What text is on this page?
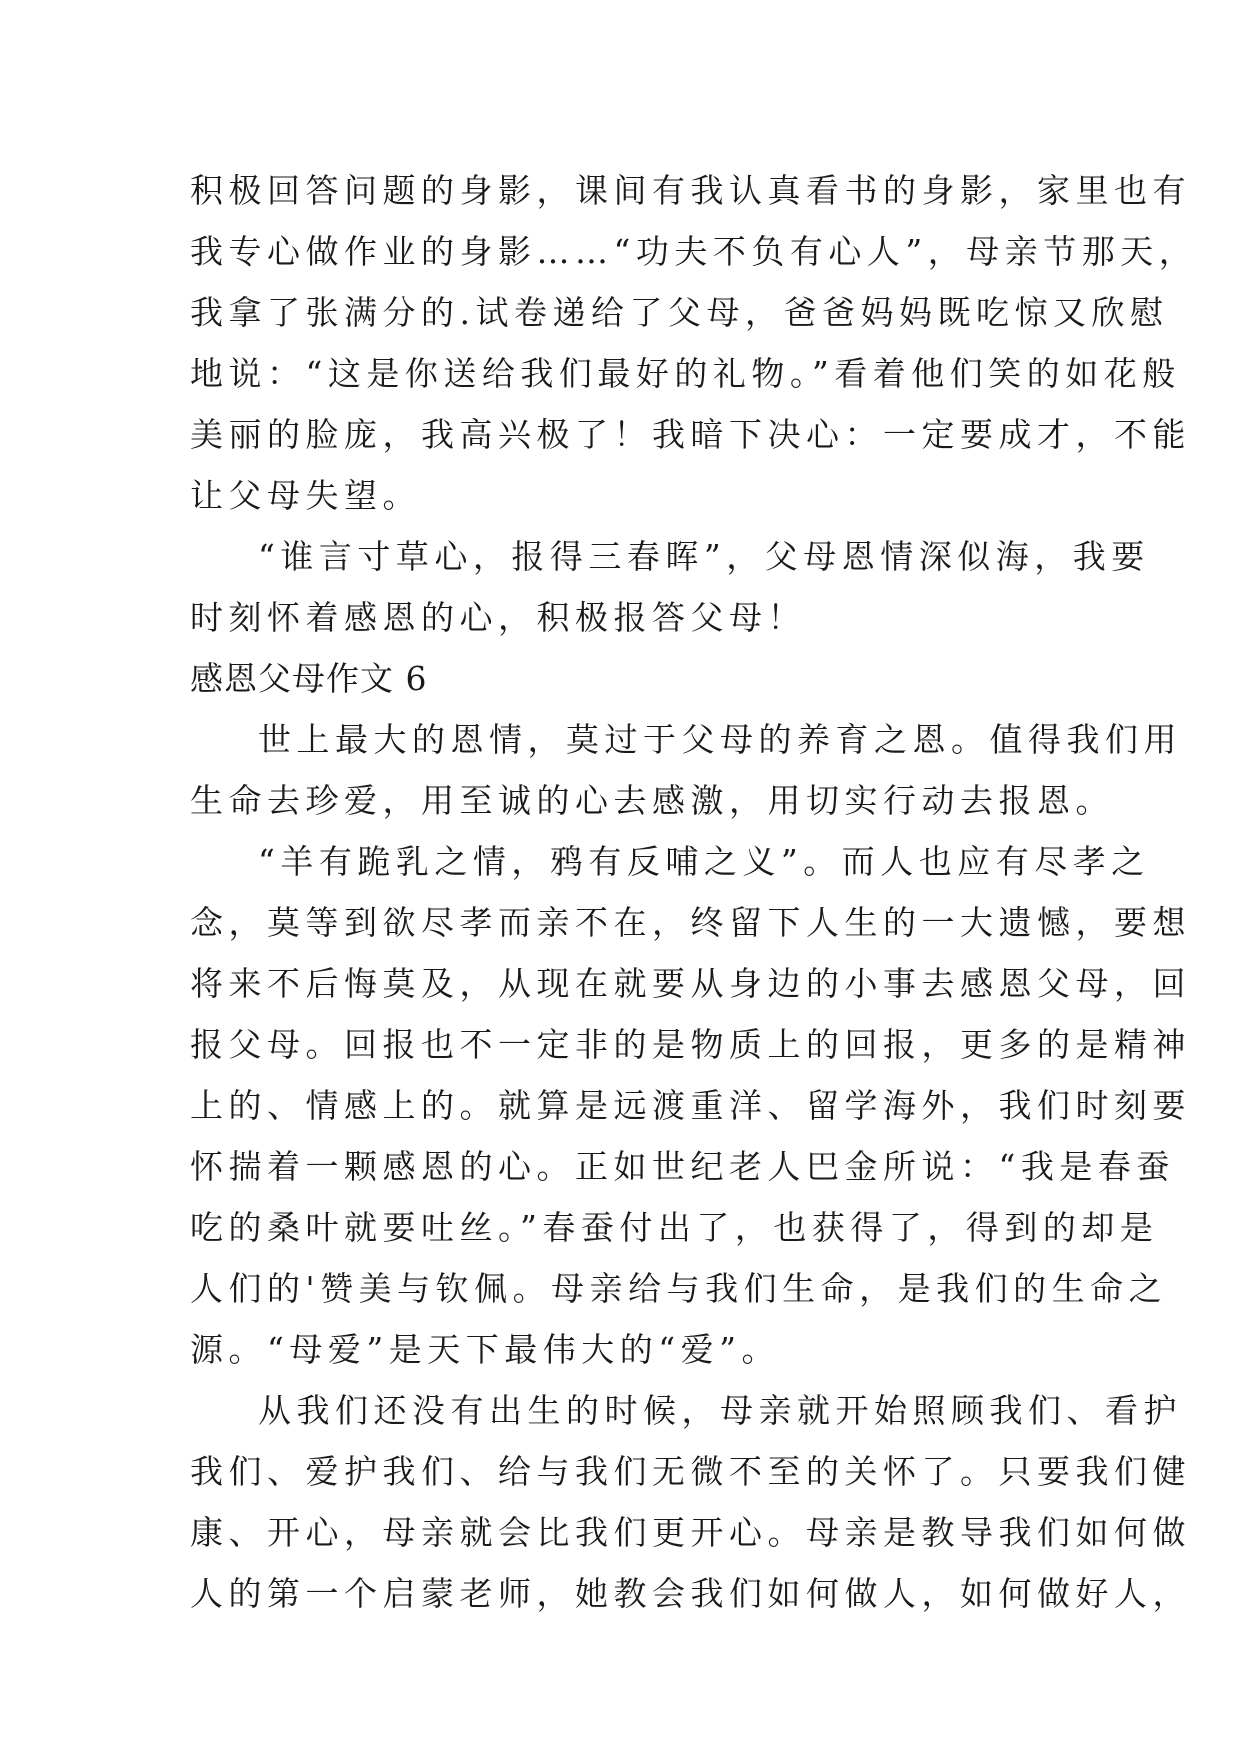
积极回答问题的身影，课间有我认真看书的身影，家里也有
我专心做作业的身影……“功夫不负有心人”，母亲节那天，
我拿了张满分的.试卷递给了父母，爸爸妈妈既吃惊又欣慰
地说：“这是你送给我们最好的礼物。”看着他们笑的如花般
美丽的脸庞，我高兴极了！我暗下决心：一定要成才，不能
让父母失望。
“谁言寸草心，报得三春晖”，父母恩情深似海，我要
时刻怀着感恩的心，积极报答父母！
感恩父母作文 6
世上最大的恩情，莫过于父母的养育之恩。值得我们用
生命去珍爱，用至诚的心去感激，用切实行动去报恩。
“羊有跪乳之情，鸦有反哺之义”。而人也应有尽孝之
念，莫等到欲尽孝而亲不在，终留下人生的一大遗憾，要想
将来不后悔莫及，从现在就要从身边的小事去感恩父母，回
报父母。回报也不一定非的是物质上的回报，更多的是精神
上的、情感上的。就算是远渡重洋、留学海外，我们时刻要
怀揣着一颗感恩的心。正如世纪老人巴金所说：“我是春蚕
吃的桑叶就要吐丝。”春蚕付出了，也获得了，得到的却是
人们的'赞美与钦佩。母亲给与我们生命，是我们的生命之
源。“母爱”是天下最伟大的“爱”。
从我们还没有出生的时候，母亲就开始照顾我们、看护
我们、爱护我们、给与我们无微不至的关怀了。只要我们健
康、开心，母亲就会比我们更开心。母亲是教导我们如何做
人的第一个启蒙老师，她教会我们如何做人，如何做好人，
